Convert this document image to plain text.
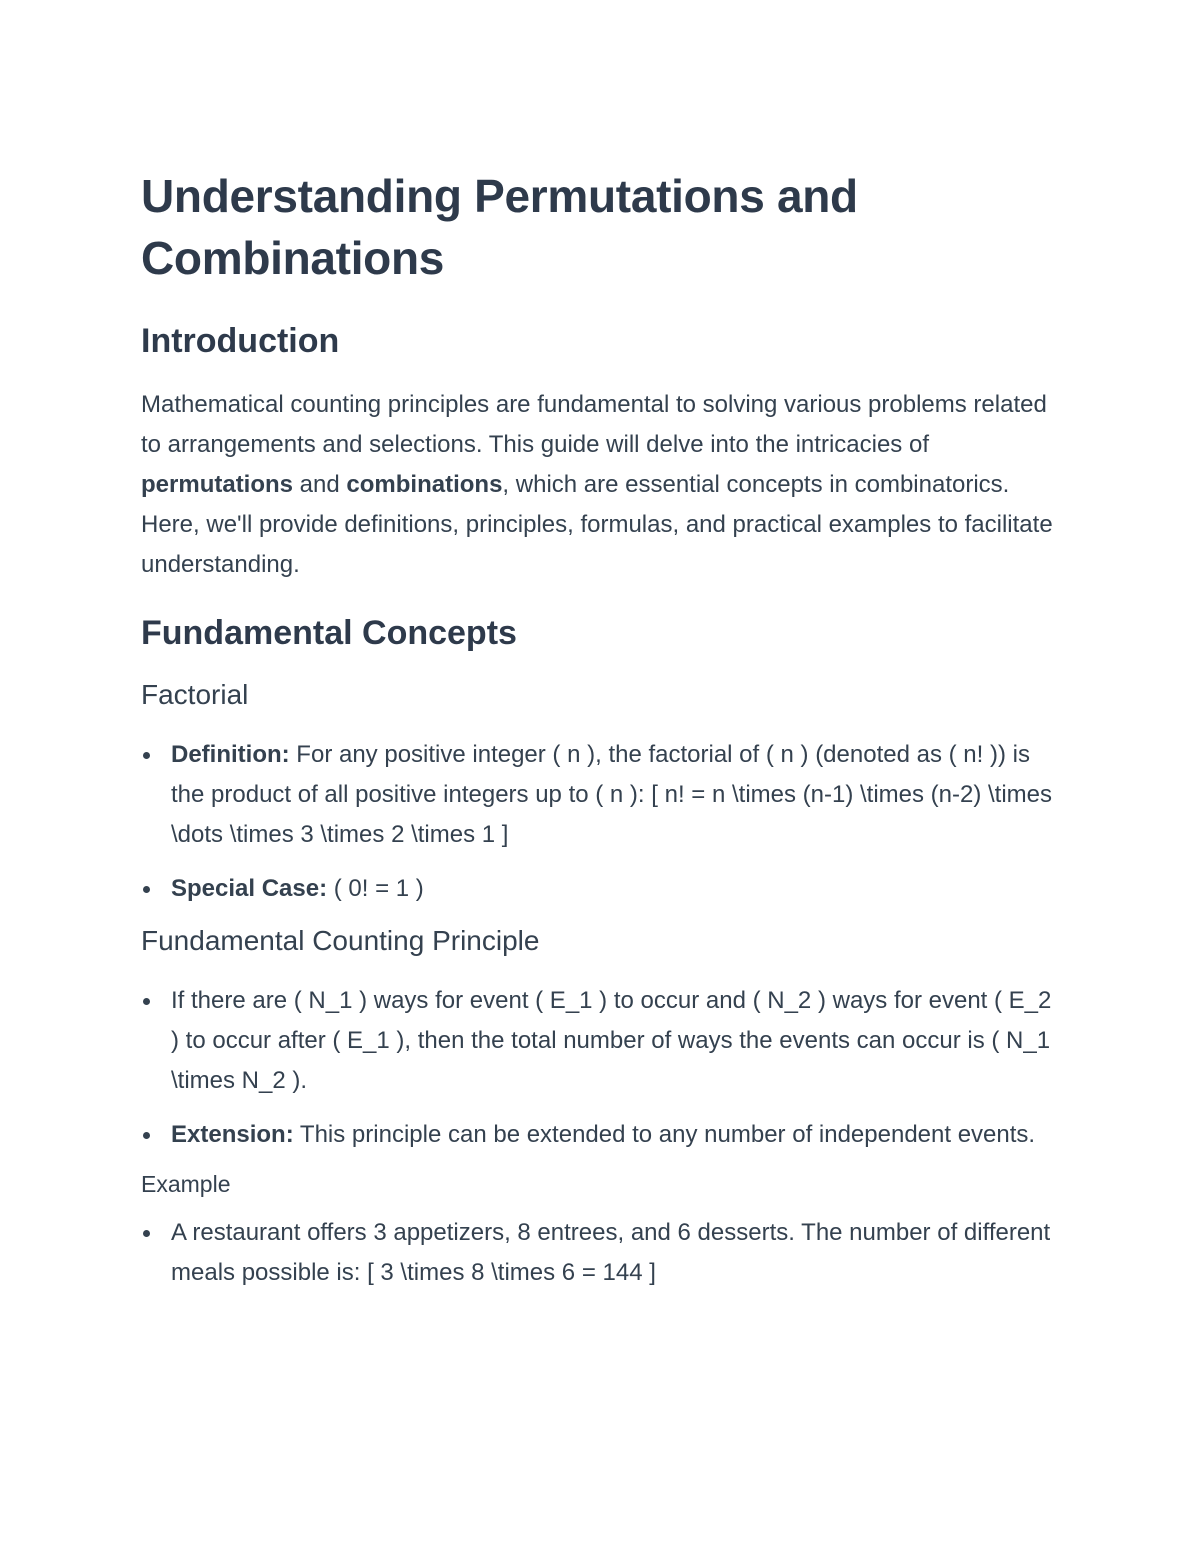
Understanding Permutations and Combinations
Introduction

Mathematical counting principles are fundamental to solving various problems related to arrangements and selections. This guide will delve into the intricacies of permutations and combinations, which are essential concepts in combinatorics. Here, we'll provide definitions, principles, formulas, and practical examples to facilitate understanding.

Fundamental Concepts
Factorial
Definition: For any positive integer ( n ), the factorial of ( n ) (denoted as ( n! )) is the product of all positive integers up to ( n ): [ n! = n \times (n-1) \times (n-2) \times \dots \times 3 \times 2 \times 1 ]
Special Case: ( 0! = 1 )
Fundamental Counting Principle
If there are ( N_1 ) ways for event ( E_1 ) to occur and ( N_2 ) ways for event ( E_2 ) to occur after ( E_1 ), then the total number of ways the events can occur is ( N_1 \times N_2 ).
Extension: This principle can be extended to any number of independent events.
Example
A restaurant offers 3 appetizers, 8 entrees, and 6 desserts. The number of different meals possible is: [ 3 \times 8 \times 6 = 144 ]
